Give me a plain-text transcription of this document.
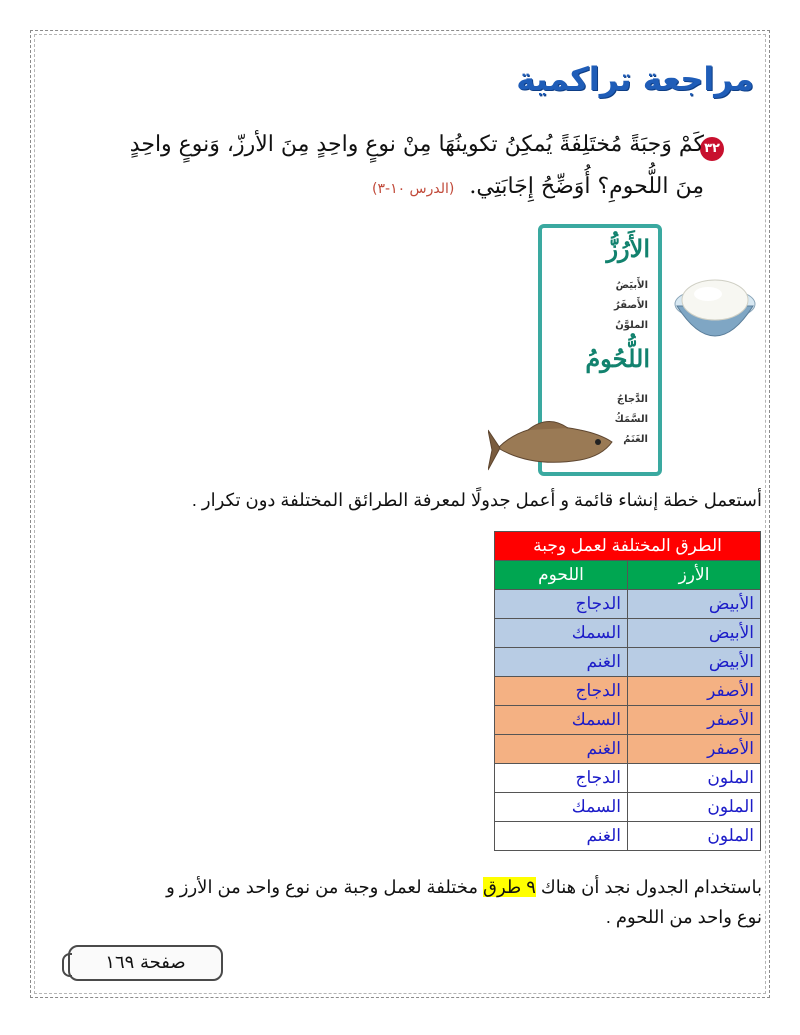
مراجعة تراكمية
٣٢
كَمْ وَجبَةً مُختَلِفَةً يُمكِنُ تكوينُهَا مِنْ نوعٍ واحِدٍ مِنَ الأرزّ، وَنوعٍ واحِدٍ
مِنَ اللُّحومِ؟ أُوَضِّحُ إِجَابَتِي. (الدرس ١٠-٣)
الأَرُزُّ
الأَبيَضُ
الأَصفَرُ
الملوَّنُ
اللُّحُومُ
الدَّجاجُ
السَّمَكُ
الغَنَمُ
أستعمل خطة إنشاء قائمة و أعمل جدولًا لمعرفة الطرائق المختلفة دون تكرار .
الطرق المختلفة لعمل وجبة	
الأرز	اللحوم
الأبيض	الدجاج
الأبيض	السمك
الأبيض	الغنم
الأصفر	الدجاج
الأصفر	السمك
الأصفر	الغنم
الملون	الدجاج
الملون	السمك
الملون	الغنم
باستخدام الجدول نجد أن هناك ٩ طرق مختلفة لعمل وجبة من نوع واحد من الأرز و
نوع واحد من اللحوم .
صفحة ١٦٩
